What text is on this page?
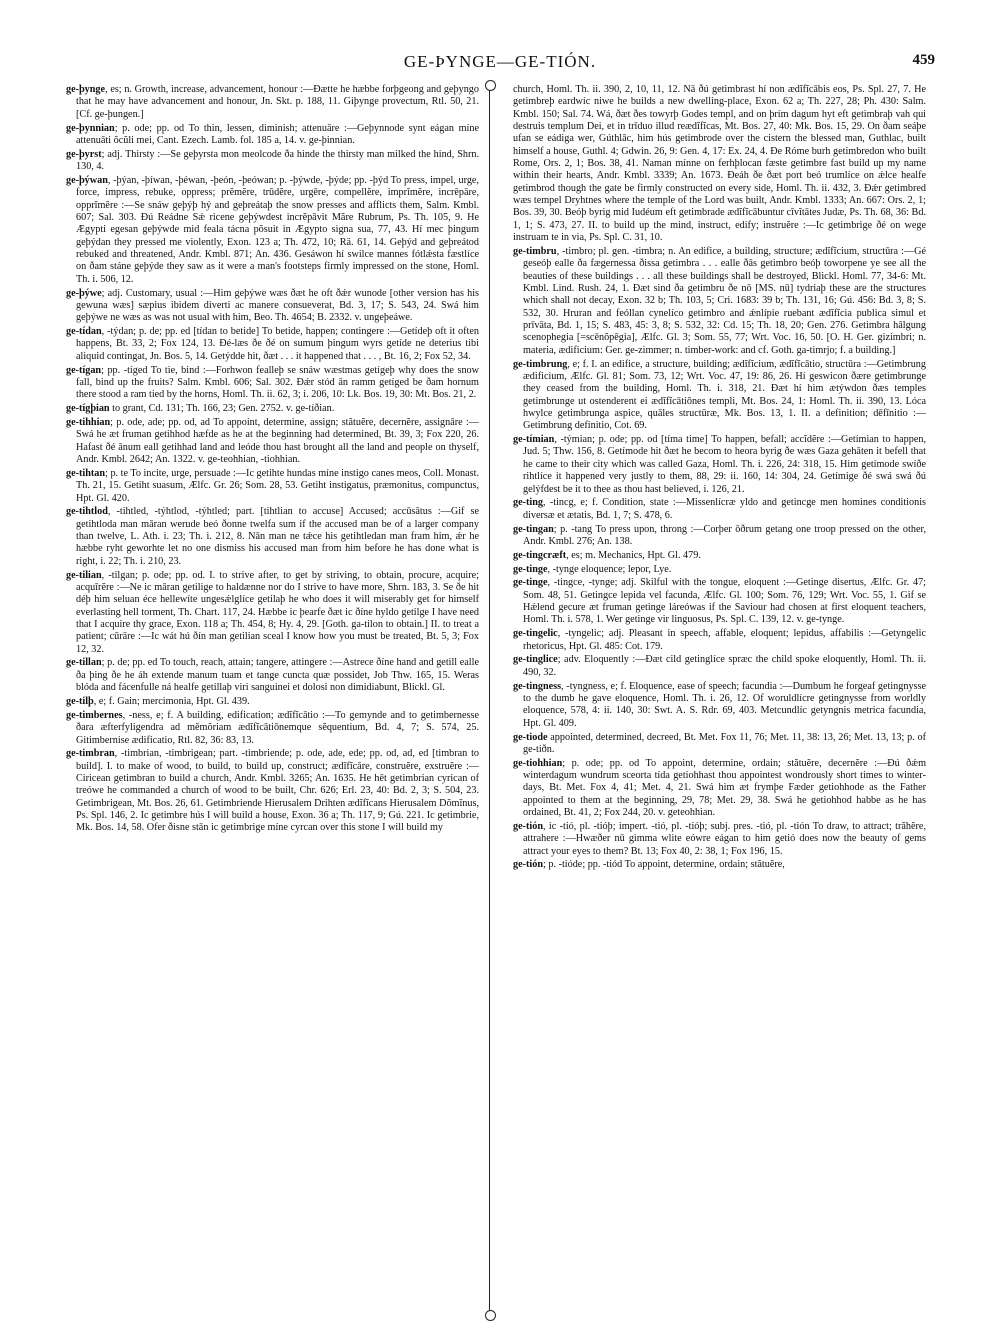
GE-ÞYNGE—GE-TIÓN.	459

ge-þynge, es; n. Growth, increase, advancement, honour :—Ðætte he hæbbe forþgeong and geþyngo that he may have advancement and honour, Jn. Skt. p. 188, 11. Giþynge provectum, Rtl. 50, 21. [Cf. ge-þungen.]

ge-þynnian; p. ode; pp. od To thin, lessen, diminish; attenuāre :—Geþynnode synt eágan míne attenuāti ŏcŭli mei, Cant. Ezech. Lamb. fol. 185 a, 14. v. ge-þinnian.

ge-þyrst; adj. Thirsty :—Se geþyrsta mon meolcode ða hinde the thirsty man milked the hind, Shrn. 130, 4.

ge-þýwan, -þýan, -þíwan, -þéwan, -þeón, -þeówan; p. -þýwde, -þýde; pp. -þýd To press, impel, urge, force, impress, rebuke, oppress; prĕmĕre, trūdĕre, urgēre, compellĕre, imprĭmĕre, incrēpāre, opprĭmĕre :—Se snáw geþýþ hý and geþreátaþ the snow presses and afflicts them, Salm. Kmbl. 607; Sal. 303. Ðú Reádne Sǽ ricene geþýwdest incrĕpāvit Măre Rubrum, Ps. Th. 105, 9. He Ægypti egesan geþýwde mid feala tácna pŏsuit in Ægypto signa sua, 77, 43. Hí mec þingum geþýdan they pressed me violently, Exon. 123 a; Th. 472, 10; Rä. 61, 14. Geþýd and geþreátod rebuked and threatened, Andr. Kmbl. 871; An. 436. Gesáwon hí swilce mannes fótlǽsta fæstlíce on ðam stáne geþýde they saw as it were a man's footsteps firmly impressed on the stone, Homl. Th. i. 506, 12.

ge-þýwe; adj. Customary, usual :—Him geþýwe wæs ðæt he oft ðǽr wunode [other version has his gewuna wæs] sæpius ibidem diverti ac manere consueverat, Bd. 3, 17; S. 543, 24. Swá him geþýwe ne wæs as was not usual with him, Beo. Th. 4654; B. 2332. v. ungeþeáwe.

ge-tídan, -týdan; p. de; pp. ed [tídan to betide] To betide, happen; contingere :—Getídeþ oft it often happens, Bt. 33, 2; Fox 124, 13. Ðé-læs ðe ðé on sumum þingum wyrs getíde ne deterius tibi aliquid contingat, Jn. Bos. 5, 14. Getýdde hit, ðæt . . . it happened that . . . , Bt. 16, 2; Fox 52, 34.

ge-tígan; pp. -tíged To tie, bind :—Forhwon fealleþ se snáw wæstmas getígeþ why does the snow fall, bind up the fruits? Salm. Kmbl. 606; Sal. 302. Ðǽr stód ān ramm getíged be ðam hornum there stood a ram tied by the horns, Homl. Th. ii. 62, 3; i. 206, 10: Lk. Bos. 19, 30: Mt. Bos. 21, 2.

ge-tígþian to grant, Cd. 131; Th. 166, 23; Gen. 2752. v. ge-tíðian.

ge-tihhian; p. ode, ade; pp. od, ad To appoint, determine, assign; stătuĕre, decernĕre, assignāre :—Swá he æt fruman getihhod hæfde as he at the beginning had determined, Bt. 39, 3; Fox 220, 26. Hafast ðé ānum eall getihhad land and leóde thou hast brought all the land and people on thyself, Andr. Kmbl. 2642; An. 1322. v. ge-teohhian, -tiohhian.

ge-tihtan; p. te To incite, urge, persuade :—Ic getihte hundas míne instigo canes meos, Coll. Monast. Th. 21, 15. Getiht suasum, Ælfc. Gr. 26; Som. 28, 53. Getiht instigatus, præmonitus, compunctus, Hpt. Gl. 420.

ge-tihtlod, -tihtled, -týhtlod, -týhtled; part. [tihtlian to accuse] Accused; accūsātus :—Gif se getihtloda man māran werude beó ðonne twelfa sum if the accused man be of a larger company than twelve, L. Ath. i. 23; Th. i. 212, 8. Nān man ne tǽce his getihtledan man fram him, ǽr he hæbbe ryht geworhte let no one dismiss his accused man from him before he has done what is right, i. 22; Th. i. 210, 23.

ge-tilian, -tilgan; p. ode; pp. od. I. to strive after, to get by striving, to obtain, procure, acquire; acquīrĕre :—Ne ic māran getilige to haldænne nor do I strive to have more, Shrn. 183, 3. Se ðe hit déþ him seluan éce hellewíte ungesǽlglíce getilaþ he who does it will miserably get for himself everlasting hell torment, Th. Chart. 117, 24. Hæbbe ic þearfe ðæt ic ðíne hyldo getilge I have need that I acquire thy grace, Exon. 118 a; Th. 454, 8; Hy. 4, 29. [Goth. ga-tilon to obtain.] II. to treat a patient; cūrāre :—Ic wát hú ðín man getilian sceal I know how you must be treated, Bt. 5, 3; Fox 12, 32.

ge-tillan; p. de; pp. ed To touch, reach, attain; tangere, attingere :—Astrece ðíne hand and getill ealle ða þing ðe he áh extende manum tuam et tange cuncta quæ possidet, Job Thw. 165, 15. Weras blóda and fácenfulle ná healfe getillaþ viri sanguinei et dolosi non dimidiabunt, Blickl. Gl.

ge-tilþ, e; f. Gain; mercimonia, Hpt. Gl. 439.

ge-timbernes, -ness, e; f. A building, edification; ædĭfĭcātio :—To gemynde and to getimbernesse ðara æfterfyligendra ad mĕmŏriam ædĭfĭcātiōnemque sĕquentium, Bd. 4, 7; S. 574, 25. Gitimbernise ædificatio, Rtl. 82, 36: 83, 13.

ge-timbran, -timbrian, -timbrigean; part. -timbriende; p. ode, ade, ede; pp. od, ad, ed [timbran to build]. I. to make of wood, to build, to build up, construct; ædĭfĭcāre, construĕre, exstruĕre :—Ciricean getimbran to build a church, Andr. Kmbl. 3265; An. 1635. He hēt getimbrian cyrican of treówe he commanded a church of wood to be built, Chr. 626; Erl. 23, 40: Bd. 2, 3; S. 504, 23. Getimbrigean, Mt. Bos. 26, 61. Getimbriende Hierusalem Drihten ædĭfĭcans Hierusalem Dŏmĭnus, Ps. Spl. 146, 2. Ic getimbre hús I will build a house, Exon. 36 a; Th. 117, 9; Gú. 221. Ic getimbrie, Mk. Bos. 14, 58. Ofer ðisne stān ic getimbrige míne cyrcan over this stone I will build my

church, Homl. Th. ii. 390, 2, 10, 11, 12. Nā ðú getimbrast hí non ædĭfĭcābis eos, Ps. Spl. 27, 7. He getimbreþ eardwíc niwe he builds a new dwelling-place, Exon. 62 a; Th. 227, 28; Ph. 430: Salm. Kmbl. 150; Sal. 74. Wá, ðæt ðes towyrþ Godes templ, and on þrím dagum hyt eft getimbraþ vah qui destruis templum Dei, et in trīduo illud reædĭfĭcas, Mt. Bos. 27, 40: Mk. Bos. 15, 29. On ðam seáþe ufan se eádiga wer, Gúthlāc, him hús getimbrode over the cistern the blessed man, Guthlac, built himself a house, Guthl. 4; Gdwin. 26, 9: Gen. 4, 17: Ex. 24, 4. Ðe Róme burh getimbredon who built Rome, Ors. 2, 1; Bos. 38, 41. Naman mínne on ferhþlocan fæste getimbre fast build up my name within their hearts, Andr. Kmbl. 3339; An. 1673. Ðeáh ðe ðæt port beó trumlíce on ǽlce healfe getimbrod though the gate be firmly constructed on every side, Homl. Th. ii. 432, 3. Ðǽr getimbred wæs tempel Dryhtnes where the temple of the Lord was built, Andr. Kmbl. 1333; An. 667: Ors. 2, 1; Bos. 39, 30. Beóþ byrig mid Iudéum eft getimbrade ædĭfĭcābuntur cīvĭtātes Judæ, Ps. Th. 68, 36: Bd. 1, 1; S. 473, 27. II. to build up the mind, instruct, edify; instruĕre :—Ic getimbrige ðé on wege instruam te in via, Ps. Spl. C. 31, 10.

ge-timbru, -timbro; pl. gen. -timbra; n. An edifice, a building, structure; ædĭfĭcium, structūra :—Gé geseóþ ealle ða fægernessa ðissa getimbra . . . ealle ðās getimbro beóþ toworpene ye see all the beauties of these buildings . . . all these buildings shall be destroyed, Blickl. Homl. 77, 34-6: Mt. Kmbl. Lind. Rush. 24, 1. Ðæt sind ða getimbru ðe nō [MS. nū] tydriaþ these are the structures which shall not decay, Exon. 32 b; Th. 103, 5; Cri. 1683: 39 b; Th. 131, 16; Gú. 456: Bd. 3, 8; S. 532, 30. Hruran and feóllan cynelíco getimbro and ǽnlípie ruebant ædĭfĭcia publica simul et prīvāta, Bd. 1, 15; S. 483, 45: 3, 8; S. 532, 32: Cd. 15; Th. 18, 20; Gen. 276. Getimbra hālgung scenophegia [=scēnŏpēgia], Ælfc. Gl. 3; Som. 55, 77; Wrt. Voc. 16, 50. [O. H. Ger. gizimbri; n. materia, ædificium: Ger. ge-zimmer; n. timber-work: and cf. Goth. ga-timrjo; f. a building.]

ge-timbrung, e; f. I. an edifice, a structure, building; ædĭfĭcium, ædĭfĭcātio, structūra :—Getimbrung ædificium, Ælfc. Gl. 81; Som. 73, 12; Wrt. Voc. 47, 19: 86, 26. Hí geswicon ðære getimbrunge they ceased from the building, Homl. Th. i. 318, 21. Ðæt hí him ætýwdon ðæs temples getimbrunge ut ostenderent ei ædĭfĭcātiōnes templi, Mt. Bos. 24, 1: Homl. Th. ii. 390, 13. Lóca hwylce getimbrunga aspice, quāles structūræ, Mk. Bos. 13, 1. II. a definition; dēfīnitio :—Getimbrung definitio, Cot. 69.

ge-tímian, -týmian; p. ode; pp. od [tíma time] To happen, befall; accĭdĕre :—Getímian to happen, Jud. 5; Thw. 156, 8. Getímode hit ðæt he becom to heora byrig ðe wæs Gaza gehāten it befell that he came to their city which was called Gaza, Homl. Th. i. 226, 24: 318, 15. Him getímode swíðe rihtlíce it happened very justly to them, 88, 29: ii. 160, 14: 304, 24. Getímige ðé swá swá ðú gelýfdest be it to thee as thou hast believed, i. 126, 21.

ge-ting, -tincg, e; f. Condition, state :—Missenlícræ yldo and getincge men homines conditionis diversæ et ætatis, Bd. 1, 7; S. 478, 6.

ge-tingan; p. -tang To press upon, throng :—Corþer ōðrum getang one troop pressed on the other, Andr. Kmbl. 276; An. 138.

ge-tingcræft, es; m. Mechanics, Hpt. Gl. 479.

ge-tinge, -tynge eloquence; lepor, Lye.

ge-tinge, -tingce, -tynge; adj. Skilful with the tongue, eloquent :—Getinge disertus, Ælfc. Gr. 47; Som. 48, 51. Getingce lepida vel facunda, Ælfc. Gl. 100; Som. 76, 129; Wrt. Voc. 55, 1. Gif se Hǽlend gecure æt fruman getinge láreówas if the Saviour had chosen at first eloquent teachers, Homl. Th. i. 578, 1. Wer getinge vir linguosus, Ps. Spl. C. 139, 12. v. ge-tynge.

ge-tingelic, -tyngelic; adj. Pleasant in speech, affable, eloquent; lepidus, affabilis :—Getyngelic rhetoricus, Hpt. Gl. 485: Cot. 179.

ge-tinglice; adv. Eloquently :—Ðæt cild getinglíce spræc the child spoke eloquently, Homl. Th. ii. 490, 32.

ge-tingness, -tyngness, e; f. Eloquence, ease of speech; facundia :—Dumbum he forgeaf getingnysse to the dumb he gave eloquence, Homl. Th. i. 26, 12. Of woruldlícre getingnysse from worldly eloquence, 578, 4: ii. 140, 30: Swt. A. S. Rdr. 69, 403. Metcundlíc getyngnis metrica facundia, Hpt. Gl. 409.

ge-tiode appointed, determined, decreed, Bt. Met. Fox 11, 76; Met. 11, 38: 13, 26; Met. 13, 13; p. of ge-tiðn.

ge-tiohhian; p. ode; pp. od To appoint, determine, ordain; stătuĕre, decernĕre :—Ðú ðǽm winterdagum wundrum sceorta tída getiohhast thou appointest wondrously short times to winter-days, Bt. Met. Fox 4, 41; Met. 4, 21. Swá him æt frymþe Fæder getiohhode as the Father appointed to them at the beginning, 29, 78; Met. 29, 38. Swá he getiohhod habbe as he has ordained, Bt. 41, 2; Fox 244, 20. v. geteohhian.

ge-tión, ic -tió, pl. -tióþ; impert. -tió, pl. -tióþ; subj. pres. -tió, pl. -tión To draw, to attract; trăhĕre, attrahere :—Hwæðer nū gimma wlite eówre eágan to him getió does now the beauty of gems attract your eyes to them? Bt. 13; Fox 40, 2: 38, 1; Fox 196, 15.

ge-tión; p. -tióde; pp. -tiód To appoint, determine, ordain; stătuĕre,
